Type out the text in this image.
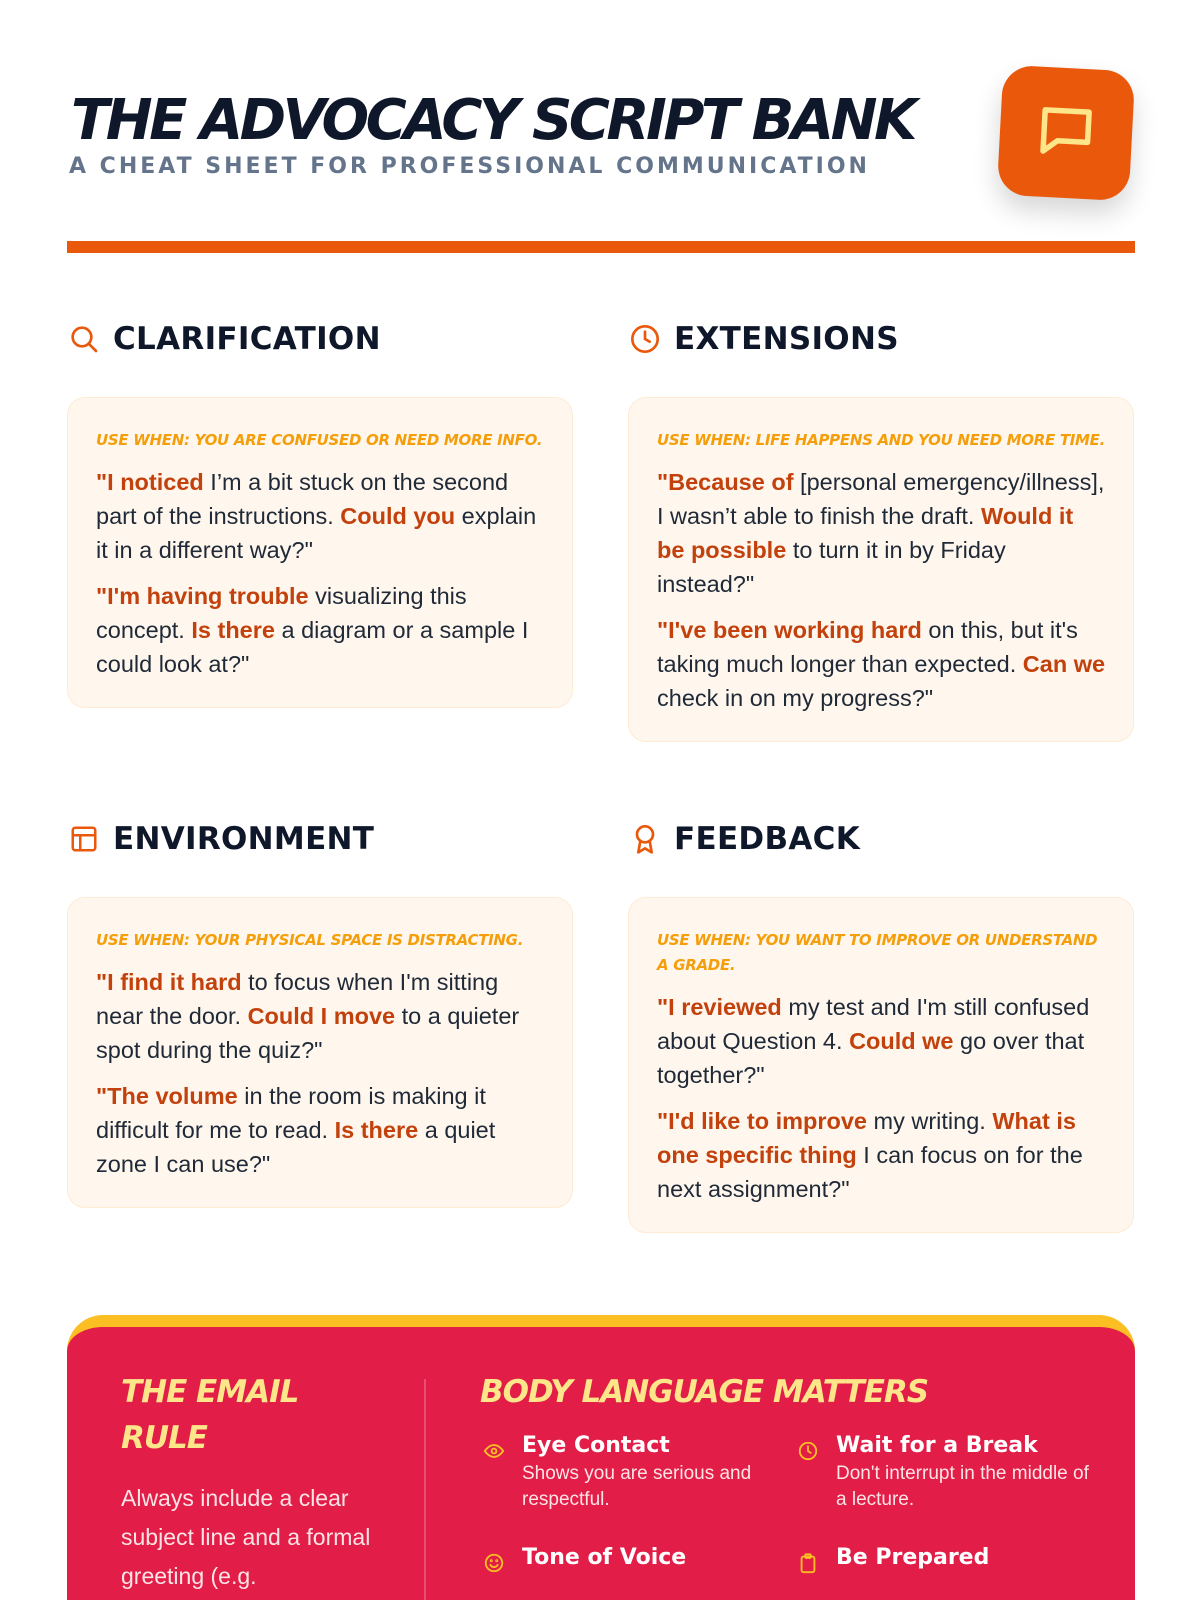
THE ADVOCACY SCRIPT BANK
A CHEAT SHEET FOR PROFESSIONAL COMMUNICATION
CLARIFICATION
USE WHEN: YOU ARE CONFUSED OR NEED MORE INFO.

"I noticed I’m a bit stuck on the second part of the instructions. Could you explain it in a different way?"

"I'm having trouble visualizing this concept. Is there a diagram or a sample I could look at?"

EXTENSIONS
USE WHEN: LIFE HAPPENS AND YOU NEED MORE TIME.

"Because of [personal emergency/illness], I wasn’t able to finish the draft. Would it be possible to turn it in by Friday instead?"

"I've been working hard on this, but it's taking much longer than expected. Can we check in on my progress?"

ENVIRONMENT
USE WHEN: YOUR PHYSICAL SPACE IS DISTRACTING.

"I find it hard to focus when I'm sitting near the door. Could I move to a quieter spot during the quiz?"

"The volume in the room is making it difficult for me to read. Is there a quiet zone I can use?"

FEEDBACK
USE WHEN: YOU WANT TO IMPROVE OR UNDERSTAND A GRADE.

"I reviewed my test and I'm still confused about Question 4. Could we go over that together?"

"I'd like to improve my writing. What is one specific thing I can focus on for the next assignment?"

THE EMAIL RULE
Always include a clear subject line and a formal greeting (e.g.
BODY LANGUAGE MATTERS
Eye Contact
Shows you are serious and respectful.
Wait for a Break
Don't interrupt in the middle of a lecture.
Tone of Voice	Be Prepared
